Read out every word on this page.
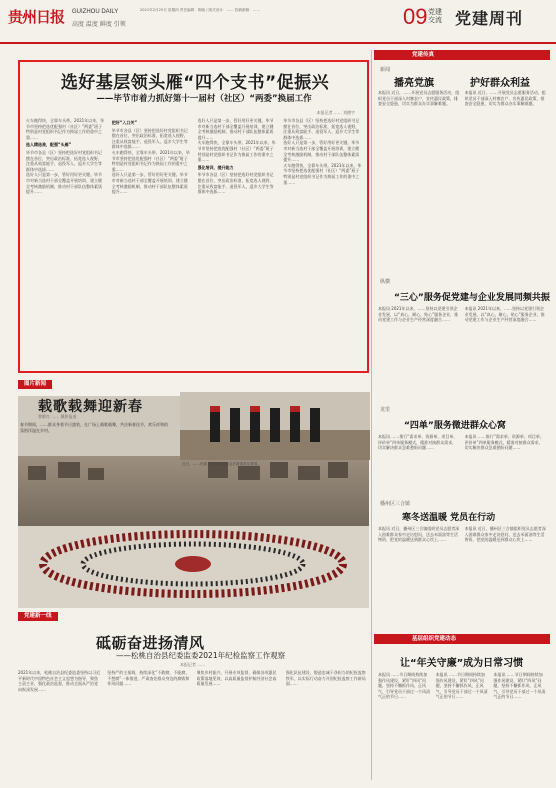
贵州日报	GUIZHOU DAILY
高度 温度 鲜度 引领
2021年2月25日 星期四 责任编辑：陈晓 / 版式设计：…… 投稿邮箱：……	09 党建
交流 党建周刊
选好基层领头雁“四个支书”促振兴
——毕节市着力抓好第十一届村（社区）“两委”换届工作
本报记者 …… 刘德宇

火车跑得快，全靠车头带。2021年以来，毕节市坚持把选优配强村（社区）“两委”班子特别是村党组织书记作为换届工作的重中之重……

选人精选准，配强“头雁”

毕节市各县（区）坚持把选好村党组织书记摆在首位，突出政治标准，拓宽选人视野，注重从致富能手、退役军人、返乡大学生等群体中选拔……

选好人只是第一步，管好用好更关键。毕节市对新当选村干部全覆盖开展培训，建立健全考核激励机制，推动村干部队伍整体素质提升……

把好“入口关”

毕节市各县（区）坚持把选好村党组织书记摆在首位，突出政治标准，拓宽选人视野，注重从致富能手、退役军人、返乡大学生等群体中选拔……

火车跑得快，全靠车头带。2021年以来，毕节市坚持把选优配强村（社区）“两委”班子特别是村党组织书记作为换届工作的重中之重……

选好人只是第一步，管好用好更关键。毕节市对新当选村干部全覆盖开展培训，建立健全考核激励机制，推动村干部队伍整体素质提升……

选好人只是第一步，管好用好更关键。毕节市对新当选村干部全覆盖开展培训，建立健全考核激励机制，推动村干部队伍整体素质提升……

火车跑得快，全靠车头带。2021年以来，毕节市坚持把选优配强村（社区）“两委”班子特别是村党组织书记作为换届工作的重中之重……

强化培训，提升能力

毕节市各县（区）坚持把选好村党组织书记摆在首位，突出政治标准，拓宽选人视野，注重从致富能手、退役军人、返乡大学生等群体中选拔……

毕节市各县（区）坚持把选好村党组织书记摆在首位，突出政治标准，拓宽选人视野，注重从致富能手、退役军人、返乡大学生等群体中选拔……

选好人只是第一步，管好用好更关键。毕节市对新当选村干部全覆盖开展培训，建立健全考核激励机制，推动村干部队伍整体素质提升……

火车跑得快，全靠车头带。2021年以来，毕节市坚持把选优配强村（社区）“两委”班子特别是村党组织书记作为换届工作的重中之重……

党建传真
新闻
播亮党旗	护好群众利益
本报讯 近日，……开展党员志愿服务活动，组织党员干部深入村寨农户，宣传惠民政策，排查安全隐患，切实为群众办实事解难题。
本报讯 近日，……开展党员志愿服务活动，组织党员干部深入村寨农户，宣传惠民政策，排查安全隐患，切实为群众办实事解难题。
纵横
“三心”服务促党建与企业发展同频共振
本报讯 2021年以来，……坚持以党建引领企业发展，以“真心、耐心、贴心”服务企业，推动党建工作与企业生产经营深度融合……
本报讯 2021年以来，……坚持以党建引领企业发展，以“真心、耐心、贴心”服务企业，推动党建工作与企业生产经营深度融合……
龙里
“四单”服务微进群众心窝
本报讯 ……推行“需求单、资源单、项目单、评价单”四单服务模式，精准对接群众需求，切实解决群众急难愁盼问题……
本报讯 ……推行“需求单、资源单、项目单、评价单”四单服务模式，精准对接群众需求，切实解决群众急难愁盼问题……
播州区三合镇
寒冬送温暖 党员在行动
本报讯 近日，播州区三合镇组织党员志愿者深入困难群众家中走访慰问，送去米面油等生活物资，把党的温暖送到群众心坎上……
本报讯 近日，播州区三合镇组织党员志愿者深入困难群众家中走访慰问，送去米面油等生活物资，把党的温暖送到群众心坎上……
基层组织党建动态
让“年关守廉”成为日常习惯
本报讯 ……节日期间持续加强作风建设，紧盯“四风”问题，坚持不懈抓作风、正风气，引导党员干部过一个风清气正的节日……
本报讯 ……节日期间持续加强作风建设，紧盯“四风”问题，坚持不懈抓作风、正风气，引导党员干部过一个风清气正的节日……
本报讯 ……节日期间持续加强作风建设，紧盯“四风”问题，坚持不懈抓作风、正风气，引导党员干部过一个风清气正的节日……
图片新闻
载歌载舞迎新春
曾维红 …… 摄影报道
春节期间，……群众身着节日盛装，在广场上载歌载舞，共庆新春佳节，欢乐祥和的氛围洋溢在乡村。
近日，……民族文化表演吸引众多游客驻足观看。
党建新一线
砥砺奋进扬清风
——松桃自治县纪委监委2021年纪检监察工作观察
本报记者 ……
2021年以来，松桃自治县纪委监委坚持以习近平新时代中国特色社会主义思想为指导，聚焦主责主业，强化政治监督，推动全面从严治党向纵深发展……
坚持严的主基调，持续深化“不敢腐、不能腐、不想腐”一体推进，严肃查处群众身边的腐败和作风问题……
聚焦乡村振兴，开展专项监督，确保各项惠民政策落地见效，以高质量监督护航经济社会高质量发展……
强化队伍建设，锻造忠诚干净担当的纪检监察铁军，以实际行动奋力开创纪检监察工作新局面……
